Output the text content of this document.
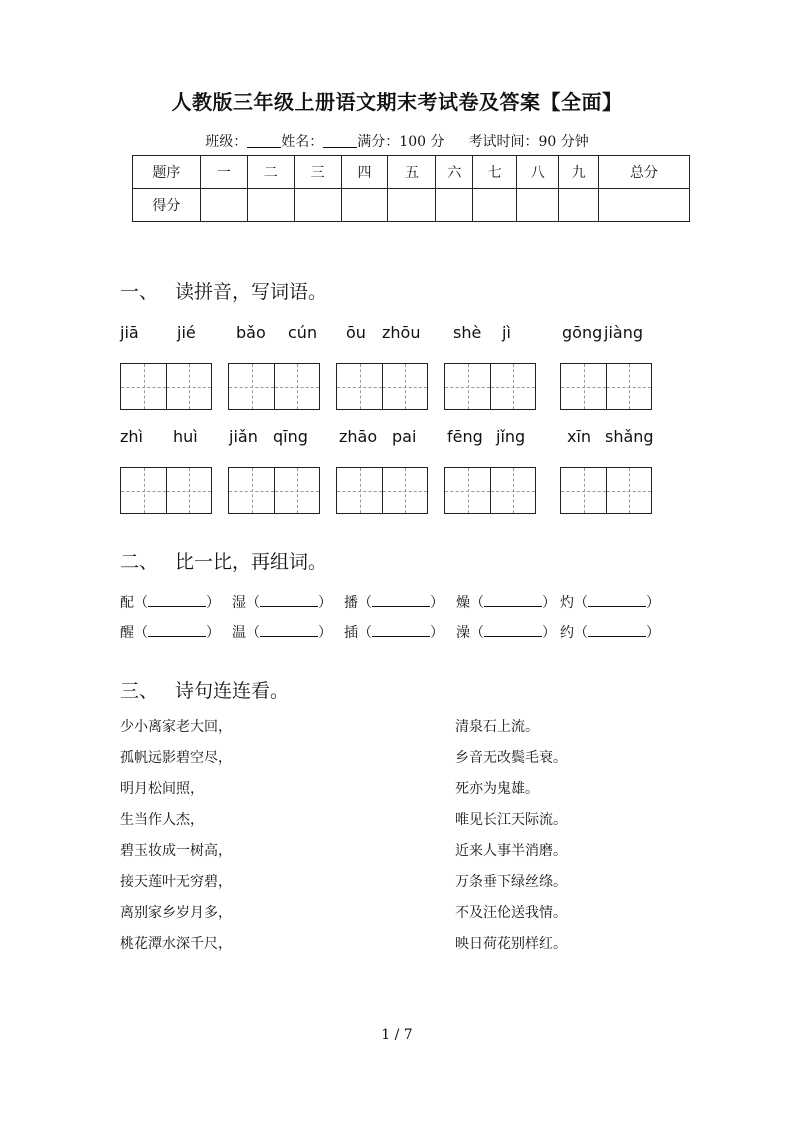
人教版三年级上册语文期末考试卷及答案【全面】
班级： 姓名： 满分：100 分 考试时间：90 分钟
题序	一	二	三	四	五	六	七	八	九	总分
得分										
一、 读拼音，写词语。
jiā jié	bǎo cún ōu zhōu shè jì	gōng jiàng
zhì huì jiǎn qīng zhāo pai fēng jǐng	xīn shǎng
二、 比一比，再组词。
配（	） 湿（	） 播（	） 燥（	） 灼（	）
醒（	） 温（	） 插（	） 澡（	） 约（	）
三、 诗句连连看。
少小离家老大回，
孤帆远影碧空尽，
明月松间照，
生当作人杰，
碧玉妆成一树高，
接天莲叶无穷碧，
离别家乡岁月多，
桃花潭水深千尺，
清泉石上流。
乡音无改鬓毛衰。
死亦为鬼雄。
唯见长江天际流。
近来人事半消磨。
万条垂下绿丝绦。
不及汪伦送我情。
映日荷花别样红。
1 / 7
